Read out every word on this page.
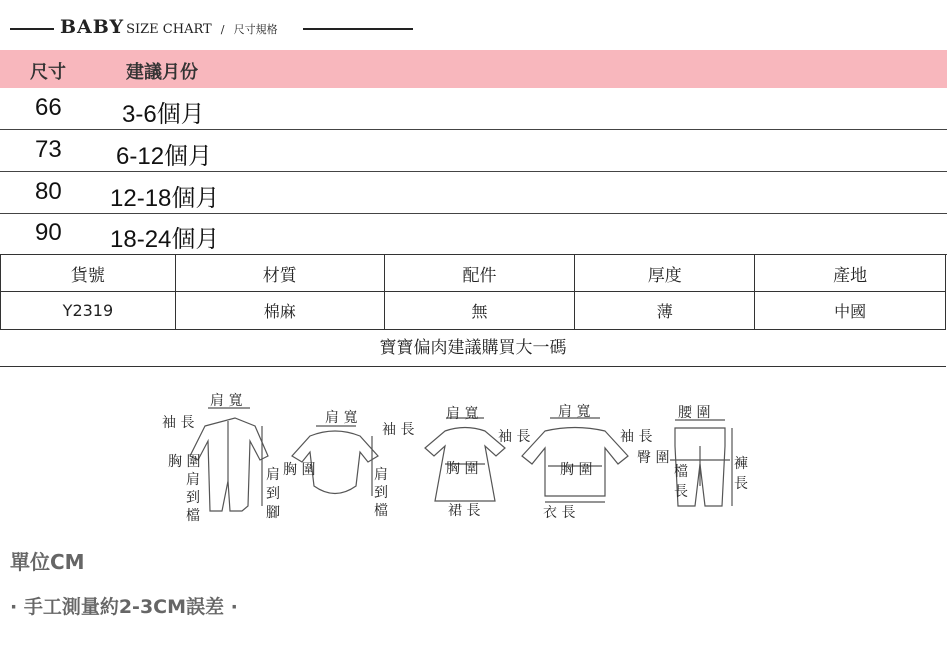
BABY SIZE CHART / 尺寸規格
尺寸	建議月份
66	3-6個月
73 6-12個月
80 12-18個月
90 18-24個月
貨號	材質	配件	厚度	產地
Y2319	棉麻	無	薄	中國
寶寶偏肉建議購買大一碼
肩 寬
袖 長
胸 圍
肩
到
檔
肩
到
腳
肩 寬
袖 長
胸 圍	肩
到
檔
肩 寬
袖 長
胸 圍
裙 長
肩 寬
袖 長
胸 圍
衣 長
腰 圍
臀 圍
檔
長
褲
長
單位CM
· 手工測量約2-3CM誤差 ·
